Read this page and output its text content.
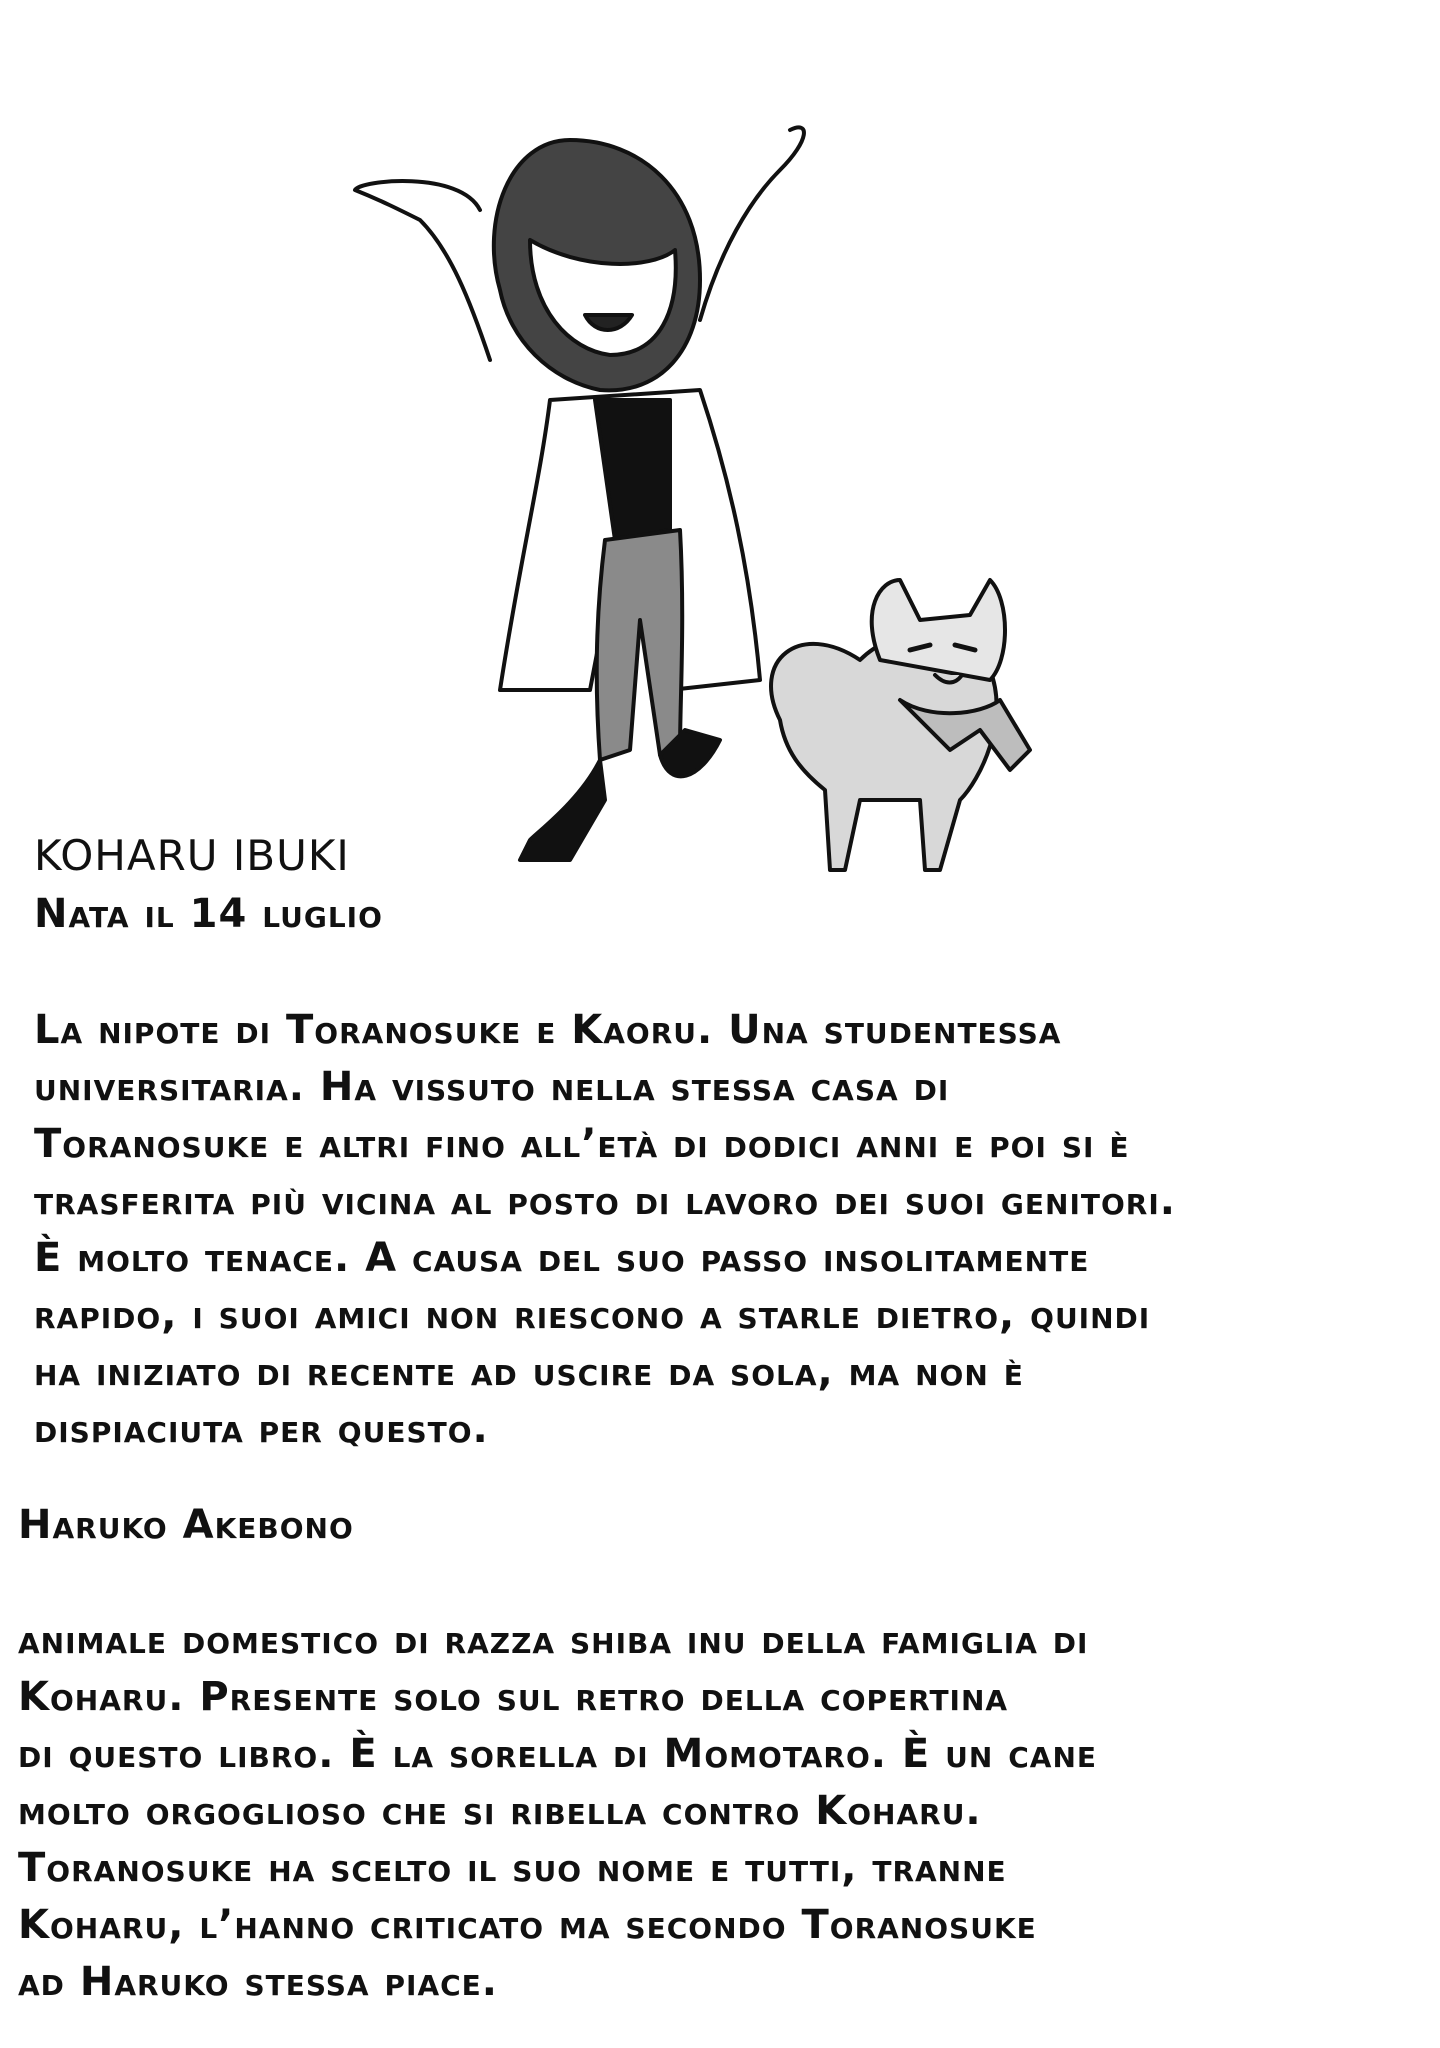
KOHARU IBUKI
Nata il 14 luglio
La nipote di Toranosuke e Kaoru. Una studentessa
universitaria. Ha vissuto nella stessa casa di
Toranosuke e altri fino all’età di dodici anni e poi si è
trasferita più vicina al posto di lavoro dei suoi genitori.
È molto tenace. A causa del suo passo insolitamente
rapido, i suoi amici non riescono a starle dietro, quindi
ha iniziato di recente ad uscire da sola, ma non è
dispiaciuta per questo.
Haruko Akebono
animale domestico di razza shiba inu della famiglia di
Koharu. Presente solo sul retro della copertina
di questo libro. È la sorella di Momotaro. È un cane
molto orgoglioso che si ribella contro Koharu.
Toranosuke ha scelto il suo nome e tutti, tranne
Koharu, l’hanno criticato ma secondo Toranosuke
ad Haruko stessa piace.
